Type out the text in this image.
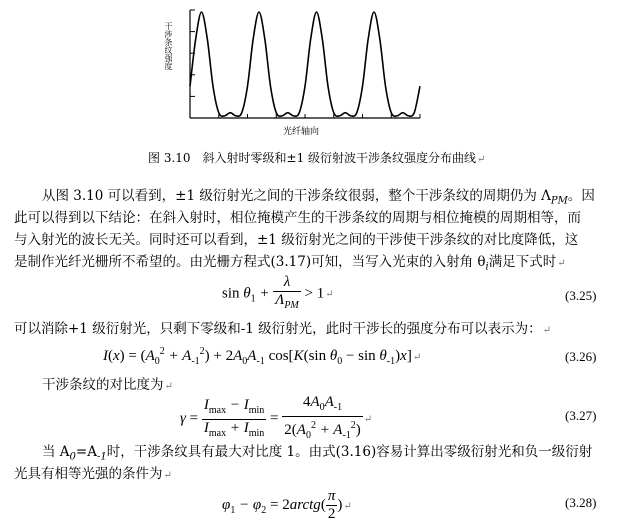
干涉条纹强度
光纤轴向
图 3.10　斜入射时零级和±1 级衍射波干涉条纹强度分布曲线↵
从图 3.10 可以看到，±1 级衍射光之间的干涉条纹很弱，整个干涉条纹的周期仍为 $\Lambda_{PM}$。因
此可以得到以下结论：在斜入射时，相位掩模产生的干涉条纹的周期与相位掩模的周期相等，而
与入射光的波长无关。同时还可以看到，±1 级衍射光之间的干涉使干涉条纹的对比度降低，这
是制作光纤光栅所不希望的。由光栅方程式(3.17)可知，当写入光束的入射角 $\theta_i$满足下式时↵
$\sin \theta_1 + \frac{\lambda}{\Lambda_{PM}}$ > 1↵	(3.25)
可以消除+1 级衍射光，只剩下零级和-1 级衍射光，此时干涉长的强度分布可以表示为：↵
$I(x) = (A_0^2 + A_{-1}^2) + 2A_0A_{-1}$ cos[K(sin $\theta_0 - \sin$ $\theta_{-1})x]↵$	(3.26)
干涉条纹的对比度为↵
$\gamma = \frac{I_{max} - I_{min}}{I_{max} + I_{min}} = \frac{4A_0A_{-1}}{2(A_0^2 + A_{-1}^2)}$ ↵	(3.27)
当 $A_0=A_{-1}$时，干涉条纹具有最大对比度 1。由式(3.16)容易计算出零级衍射光和负一级衍射
光具有相等光强的条件为↵
$\varphi_1 - \varphi_2$ = 2arctg( $\frac{\pi}{2}$ )↵	(3.28)
